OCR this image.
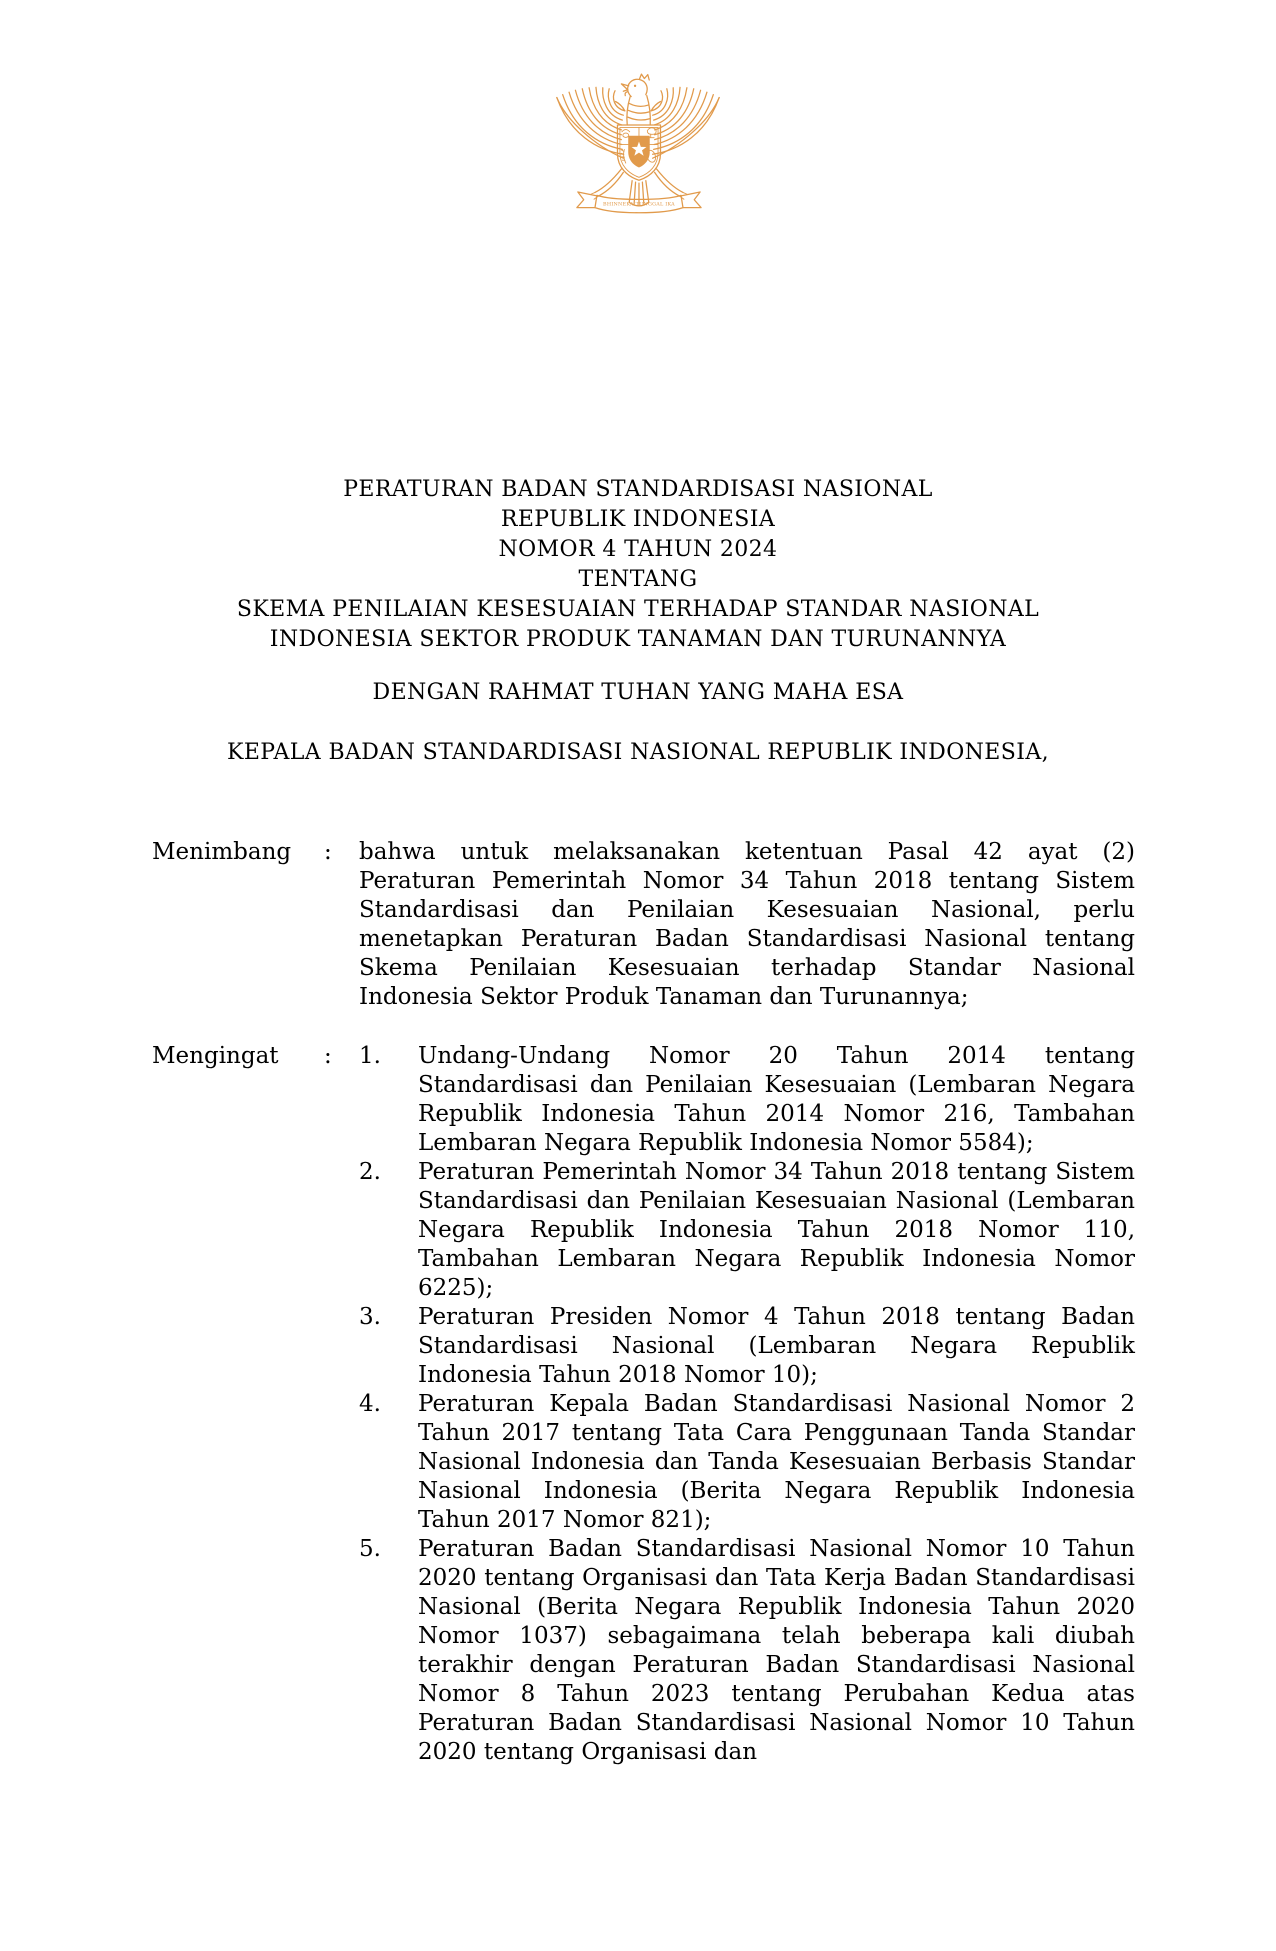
BHINNEKA TUNGGAL IKA
PERATURAN BADAN STANDARDISASI NASIONAL
REPUBLIK INDONESIA
NOMOR 4 TAHUN 2024
TENTANG
SKEMA PENILAIAN KESESUAIAN TERHADAP STANDAR NASIONAL
INDONESIA SEKTOR PRODUK TANAMAN DAN TURUNANNYA
DENGAN RAHMAT TUHAN YANG MAHA ESA
KEPALA BADAN STANDARDISASI NASIONAL REPUBLIK INDONESIA,
Menimbang	:	bahwa untuk melaksanakan ketentuan Pasal 42 ayat (2) Peraturan Pemerintah Nomor 34 Tahun 2018 tentang Sistem Standardisasi dan Penilaian Kesesuaian Nasional, perlu menetapkan Peraturan Badan Standardisasi Nasional tentang Skema Penilaian Kesesuaian terhadap Standar Nasional Indonesia Sektor Produk Tanaman dan Turunannya;
Mengingat	:	1.	Undang-Undang Nomor 20 Tahun 2014 tentang Standardisasi dan Penilaian Kesesuaian (Lembaran Negara Republik Indonesia Tahun 2014 Nomor 216, Tambahan Lembaran Negara Republik Indonesia Nomor 5584);
2.	Peraturan Pemerintah Nomor 34 Tahun 2018 tentang Sistem Standardisasi dan Penilaian Kesesuaian Nasional (Lembaran Negara Republik Indonesia Tahun 2018 Nomor 110, Tambahan Lembaran Negara Republik Indonesia Nomor 6225);
3.	Peraturan Presiden Nomor 4 Tahun 2018 tentang Badan Standardisasi Nasional (Lembaran Negara Republik Indonesia Tahun 2018 Nomor 10);
4.	Peraturan Kepala Badan Standardisasi Nasional Nomor 2 Tahun 2017 tentang Tata Cara Penggunaan Tanda Standar Nasional Indonesia dan Tanda Kesesuaian Berbasis Standar Nasional Indonesia (Berita Negara Republik Indonesia Tahun 2017 Nomor 821);
5.	Peraturan Badan Standardisasi Nasional Nomor 10 Tahun 2020 tentang Organisasi dan Tata Kerja Badan Standardisasi Nasional (Berita Negara Republik Indonesia Tahun 2020 Nomor 1037) sebagaimana telah beberapa kali diubah terakhir dengan Peraturan Badan Standardisasi Nasional Nomor 8 Tahun 2023 tentang Perubahan Kedua atas Peraturan Badan Standardisasi Nasional Nomor 10 Tahun 2020 tentang Organisasi dan
